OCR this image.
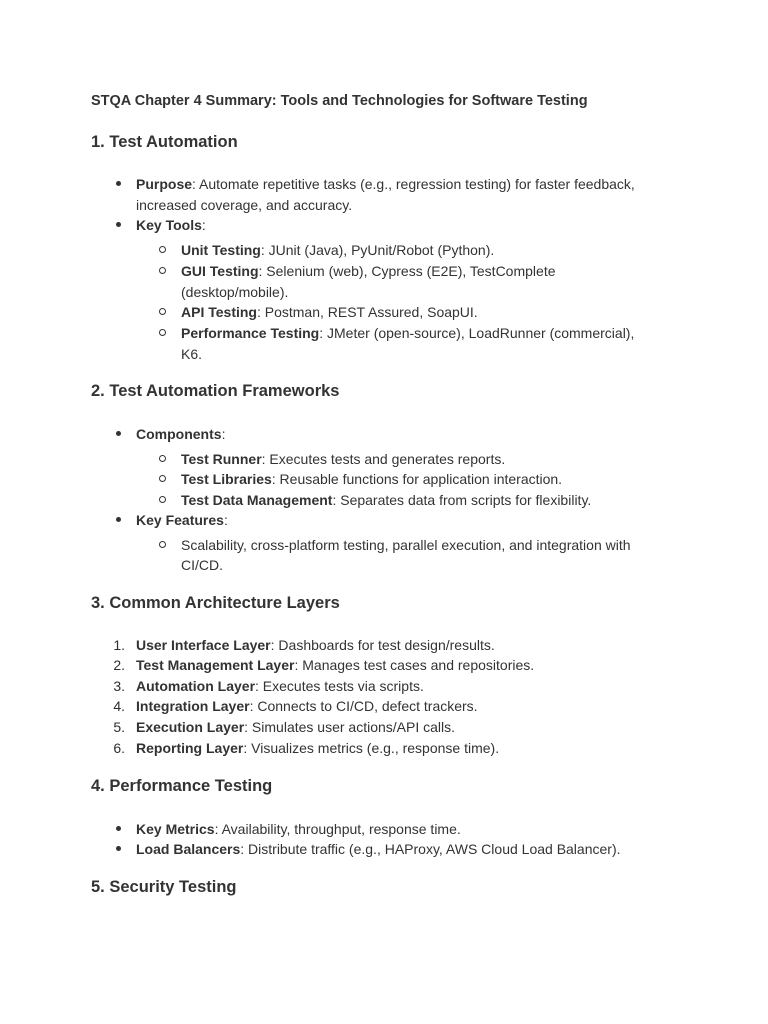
STQA Chapter 4 Summary: Tools and Technologies for Software Testing
1. Test Automation
Purpose: Automate repetitive tasks (e.g., regression testing) for faster feedback,
increased coverage, and accuracy.
Key Tools:
Unit Testing: JUnit (Java), PyUnit/Robot (Python).
GUI Testing: Selenium (web), Cypress (E2E), TestComplete
(desktop/mobile).
API Testing: Postman, REST Assured, SoapUI.
Performance Testing: JMeter (open-source), LoadRunner (commercial),
K6.
2. Test Automation Frameworks
Components:
Test Runner: Executes tests and generates reports.
Test Libraries: Reusable functions for application interaction.
Test Data Management: Separates data from scripts for flexibility.
Key Features:
Scalability, cross-platform testing, parallel execution, and integration with
CI/CD.
3. Common Architecture Layers
1. User Interface Layer: Dashboards for test design/results.
2. Test Management Layer: Manages test cases and repositories.
3. Automation Layer: Executes tests via scripts.
4. Integration Layer: Connects to CI/CD, defect trackers.
5. Execution Layer: Simulates user actions/API calls.
6. Reporting Layer: Visualizes metrics (e.g., response time).
4. Performance Testing
Key Metrics: Availability, throughput, response time.
Load Balancers: Distribute traffic (e.g., HAProxy, AWS Cloud Load Balancer).
5. Security Testing
